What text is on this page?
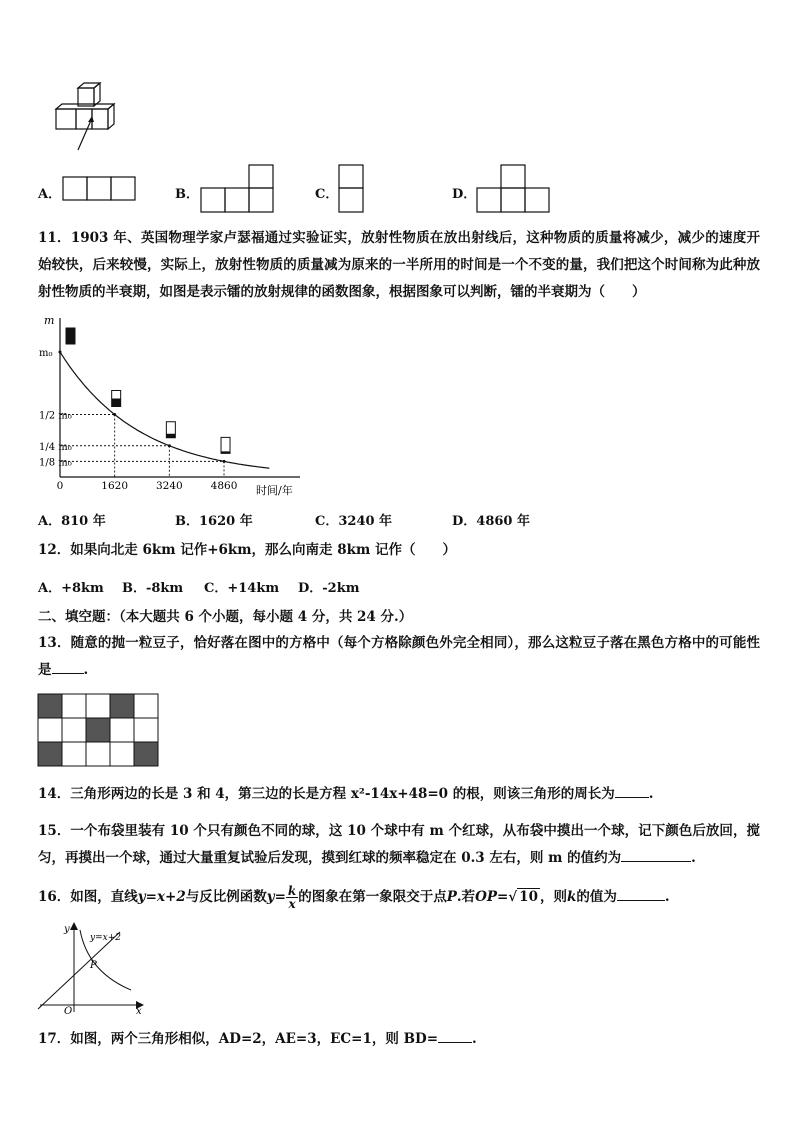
A．	B．	C．	D．
11．1903 年、英国物理学家卢瑟福通过实验证实，放射性物质在放出射线后，这种物质的质量将减少，减少的速度开始较快，后来较慢，实际上，放射性物质的质量减为原来的一半所用的时间是一个不变的量，我们把这个时间称为此种放射性物质的半衰期，如图是表示镭的放射规律的函数图象，根据图象可以判断，镭的半衰期为（　　）
m
时间/年
0	1620	3240	4860
m₀
1/2 m₀
1/4 m₀
1/8 m₀
A．810 年	B．1620 年	C．3240 年	D．4860 年
12．如果向北走 6km 记作+6km，那么向南走 8km 记作（　　）
A．+8km B．-8km C．+14km D．-2km
二、填空题：（本大题共 6 个小题，每小题 4 分，共 24 分.）
13．随意的抛一粒豆子，恰好落在图中的方格中（每个方格除颜色外完全相同），那么这粒豆子落在黑色方格中的可能性是 .
14．三角形两边的长是 3 和 4，第三边的长是方程 x²-14x+48=0 的根，则该三角形的周长为	.
15．一个布袋里装有 10 个只有颜色不同的球，这 10 个球中有 m 个红球，从布袋中摸出一个球，记下颜色后放回，搅匀，再摸出一个球，通过大量重复试验后发现，摸到红球的频率稳定在 0.3 左右，则 m 的值约为	.
16．如图，直线y=x+2与反比例函数$y= \frac{k}{x}$ 的图象在第一象限交于点P.若OP=√ 10 ，则k的值为	.
y
x
O
P
y=x+2
17．如图，两个三角形相似，AD=2，AE=3，EC=1，则 BD=	.
